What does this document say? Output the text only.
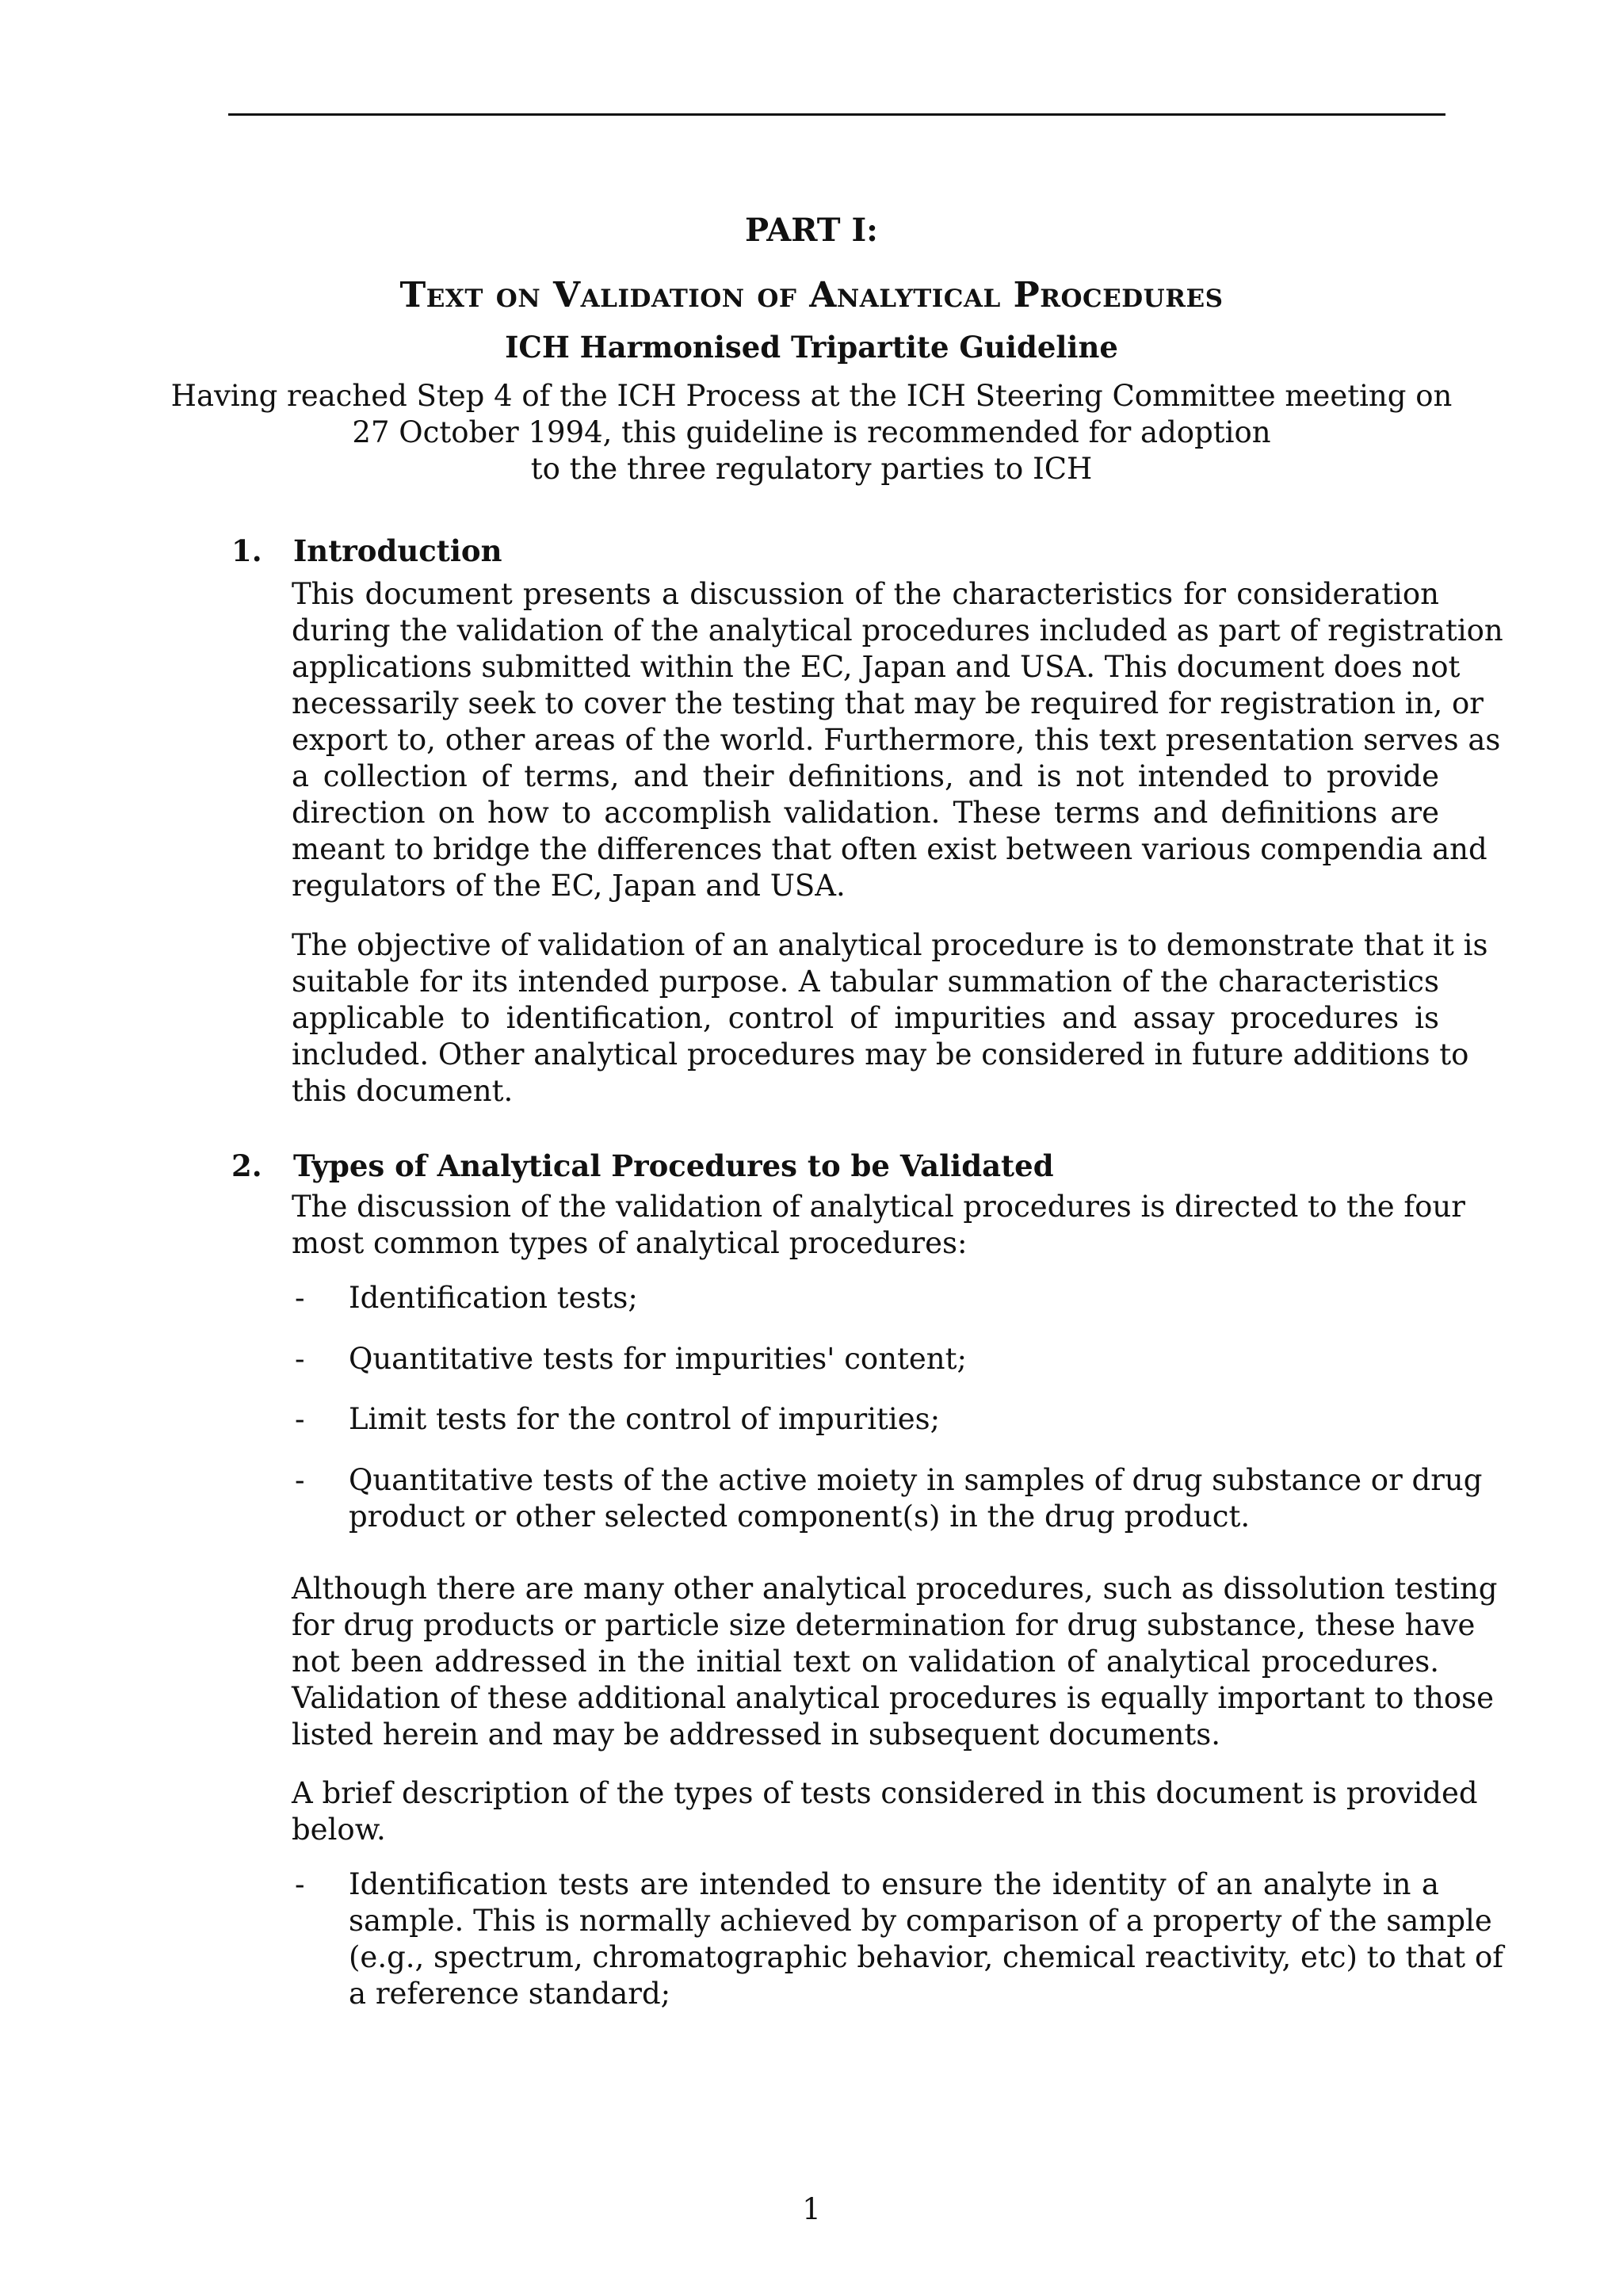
PART I:
Text on Validation of Analytical Procedures
ICH Harmonised Tripartite Guideline
Having reached Step 4 of the ICH Process at the ICH Steering Committee meeting on
27 October 1994, this guideline is recommended for adoption
to the three regulatory parties to ICH
1. Introduction
This document presents a discussion of the characteristics for consideration
during the validation of the analytical procedures included as part of registration
applications submitted within the EC, Japan and USA. This document does not
necessarily seek to cover the testing that may be required for registration in, or
export to, other areas of the world. Furthermore, this text presentation serves as
a collection of terms, and their definitions, and is not intended to provide
direction on how to accomplish validation. These terms and definitions are
meant to bridge the differences that often exist between various compendia and
regulators of the EC, Japan and USA.
The objective of validation of an analytical procedure is to demonstrate that it is
suitable for its intended purpose. A tabular summation of the characteristics
applicable to identification, control of impurities and assay procedures is
included. Other analytical procedures may be considered in future additions to
this document.
2. Types of Analytical Procedures to be Validated
The discussion of the validation of analytical procedures is directed to the four
most common types of analytical procedures:
- Identification tests;
- Quantitative tests for impurities' content;
- Limit tests for the control of impurities;
- Quantitative tests of the active moiety in samples of drug substance or drug
product or other selected component(s) in the drug product.
Although there are many other analytical procedures, such as dissolution testing
for drug products or particle size determination for drug substance, these have
not been addressed in the initial text on validation of analytical procedures.
Validation of these additional analytical procedures is equally important to those
listed herein and may be addressed in subsequent documents.
A brief description of the types of tests considered in this document is provided
below.
- Identification tests are intended to ensure the identity of an analyte in a
sample. This is normally achieved by comparison of a property of the sample
(e.g., spectrum, chromatographic behavior, chemical reactivity, etc) to that of
a reference standard;
1
